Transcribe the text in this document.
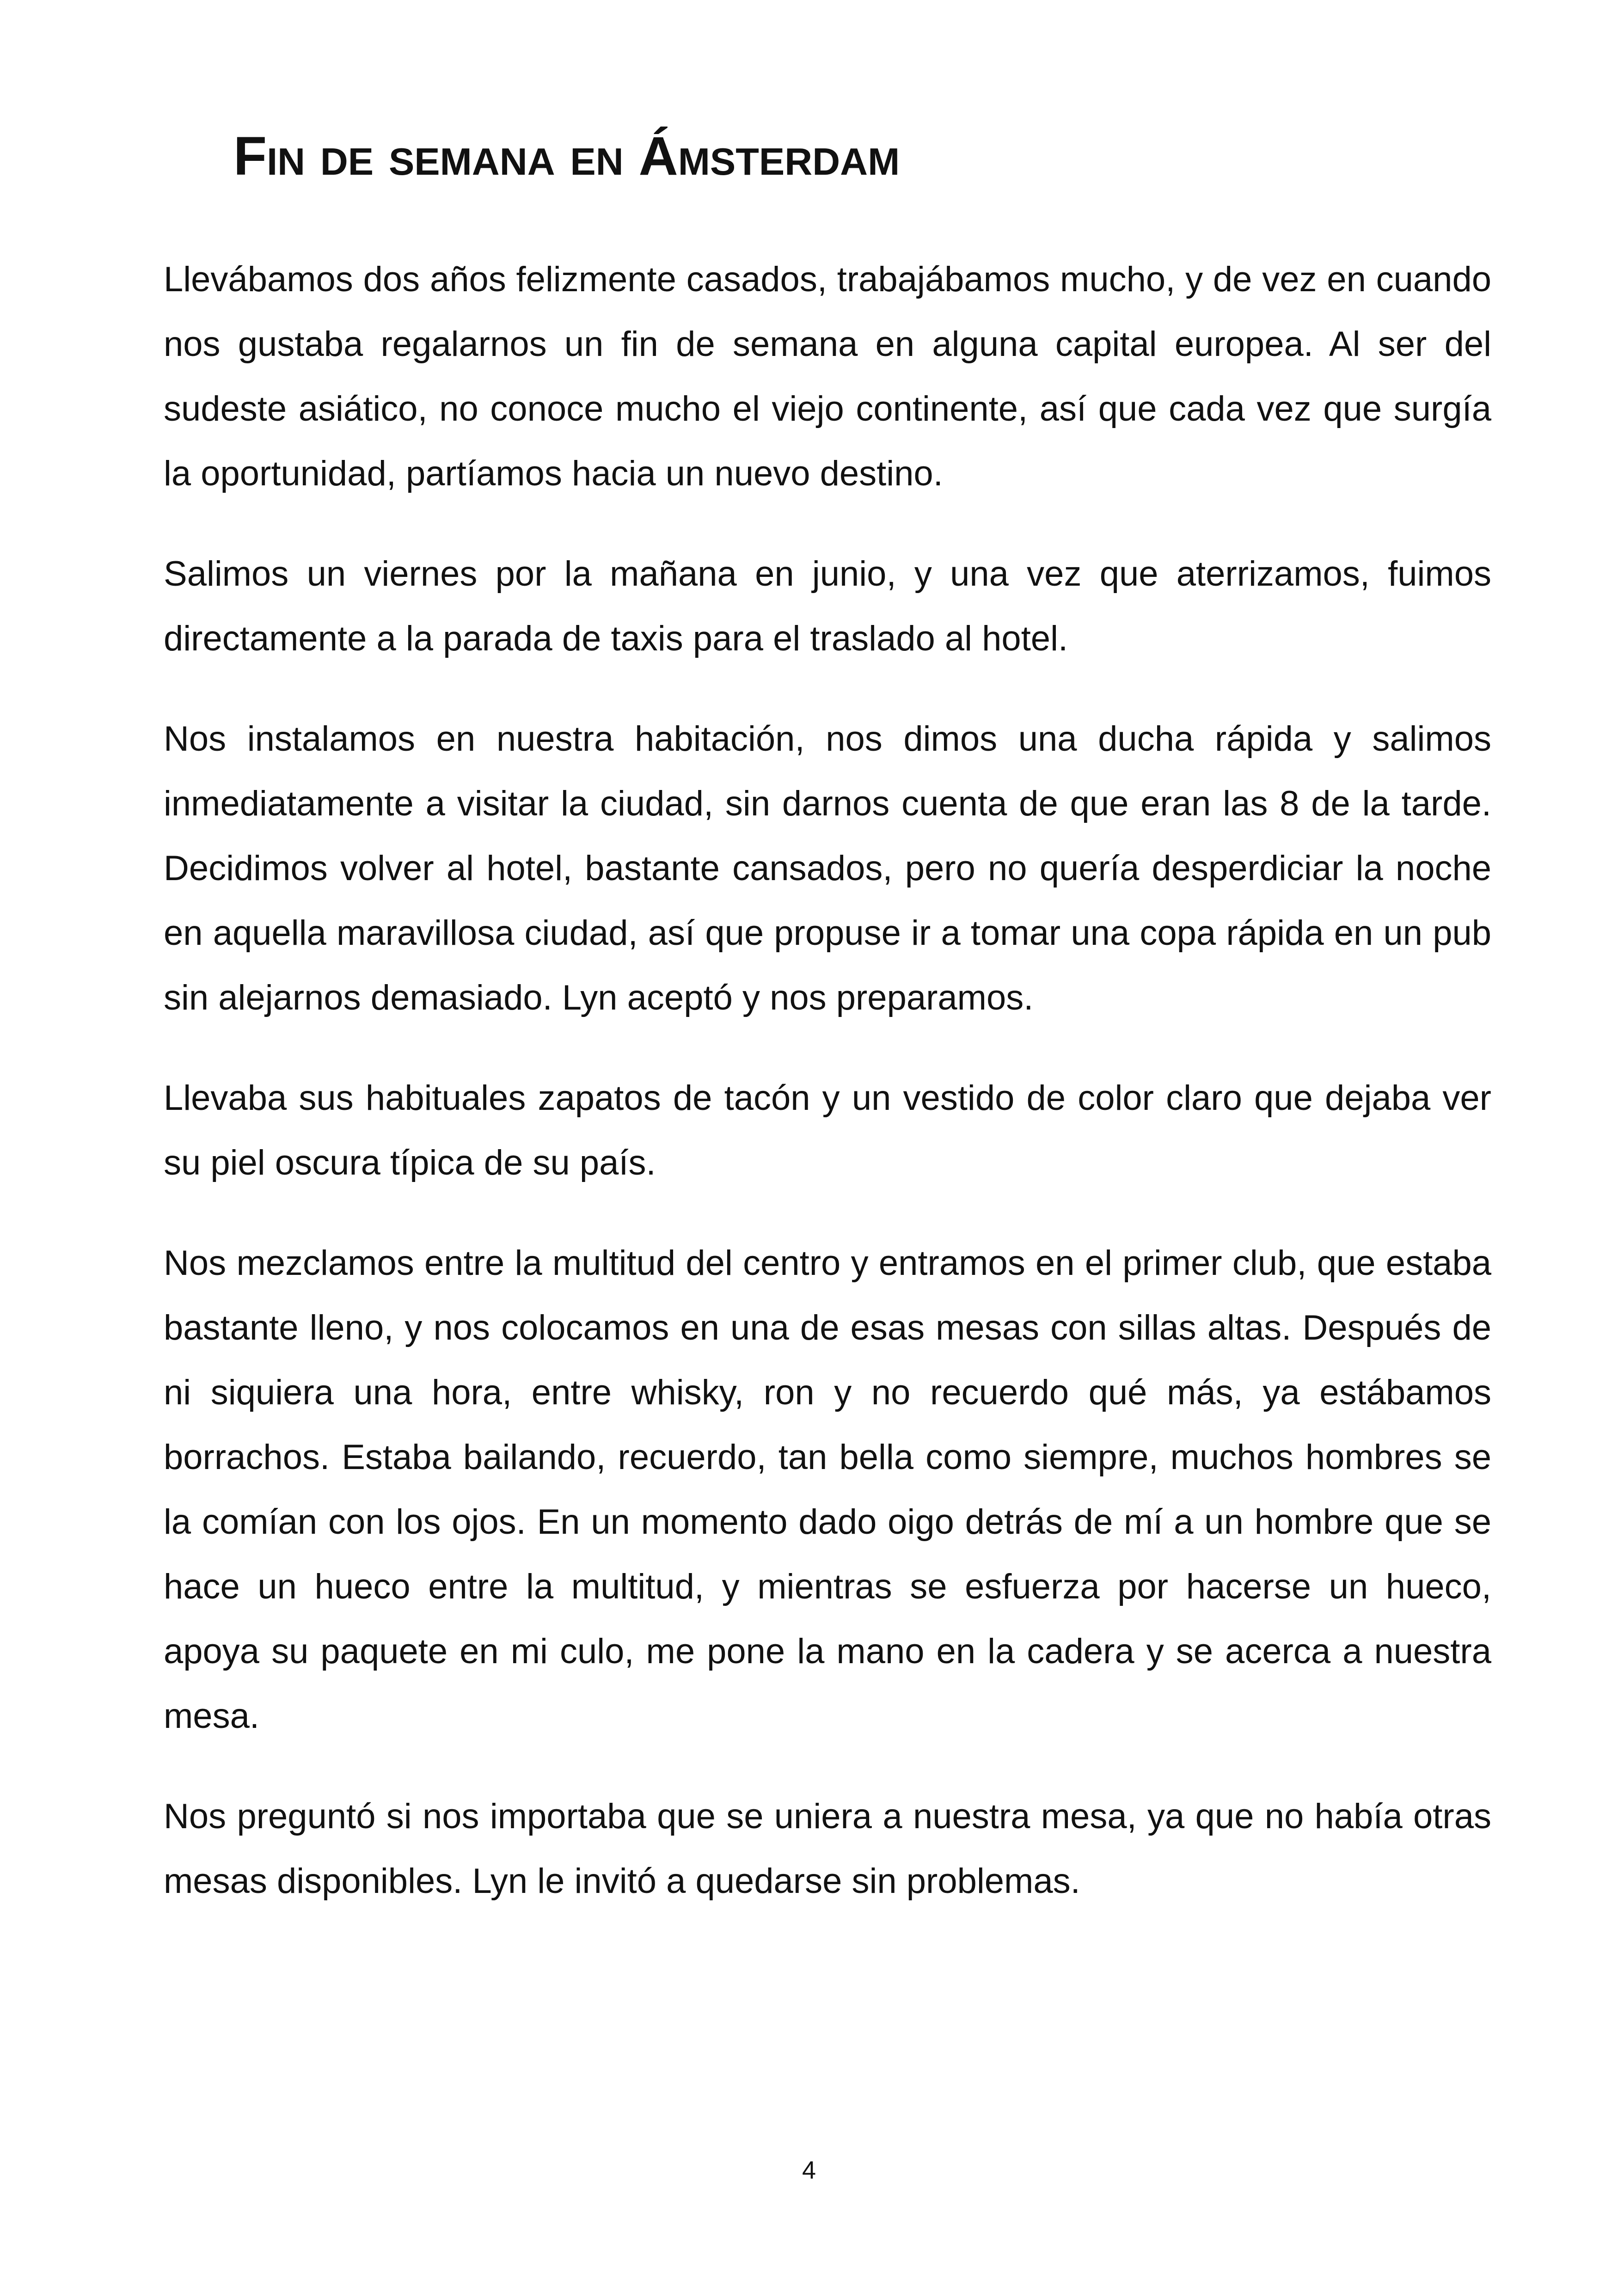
Fin de semana en Ámsterdam

Llevábamos dos años felizmente casados, trabajábamos mucho, y de vez en cuando nos gustaba regalarnos un fin de semana en alguna capital europea. Al ser del sudeste asiático, no conoce mucho el viejo continente, así que cada vez que surgía la oportunidad, partíamos hacia un nuevo destino.

Salimos un viernes por la mañana en junio, y una vez que aterrizamos, fuimos directamente a la parada de taxis para el traslado al hotel.

Nos instalamos en nuestra habitación, nos dimos una ducha rápida y salimos inmediatamente a visitar la ciudad, sin darnos cuenta de que eran las 8 de la tarde. Decidimos volver al hotel, bastante cansados, pero no quería desperdiciar la noche en aquella maravillosa ciudad, así que propuse ir a tomar una copa rápida en un pub sin alejarnos demasiado. Lyn aceptó y nos preparamos.

Llevaba sus habituales zapatos de tacón y un vestido de color claro que dejaba ver su piel oscura típica de su país.

Nos mezclamos entre la multitud del centro y entramos en el primer club, que estaba bastante lleno, y nos colocamos en una de esas mesas con sillas altas. Después de ni siquiera una hora, entre whisky, ron y no recuerdo qué más, ya estábamos borrachos. Estaba bailando, recuerdo, tan bella como siempre, muchos hombres se la comían con los ojos. En un momento dado oigo detrás de mí a un hombre que se hace un hueco entre la multitud, y mientras se esfuerza por hacerse un hueco, apoya su paquete en mi culo, me pone la mano en la cadera y se acerca a nuestra mesa.

Nos preguntó si nos importaba que se uniera a nuestra mesa, ya que no había otras mesas disponibles. Lyn le invitó a quedarse sin problemas.

4
